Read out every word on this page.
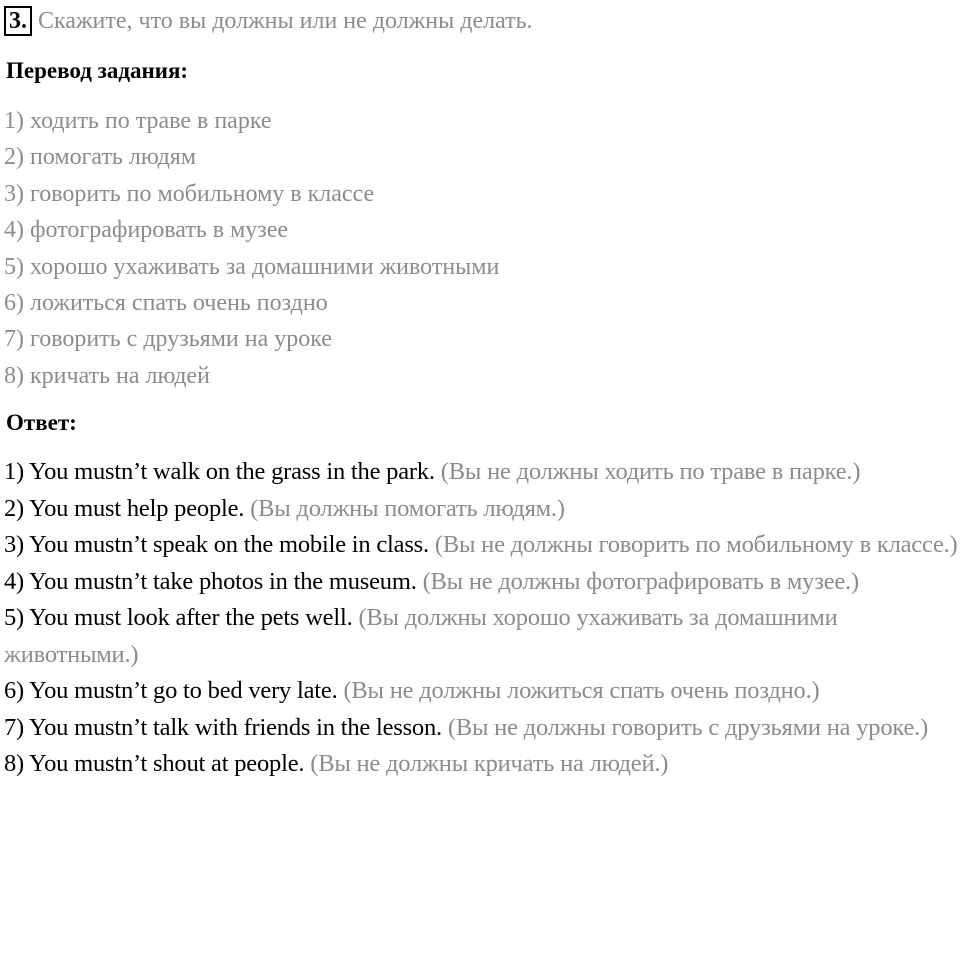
3. Скажите, что вы должны или не должны делать.
Перевод задания:
1) ходить по траве в парке
2) помогать людям
3) говорить по мобильному в классе
4) фотографировать в музее
5) хорошо ухаживать за домашними животными
6) ложиться спать очень поздно
7) говорить с друзьями на уроке
8) кричать на людей
Ответ:
1) You mustn’t walk on the grass in the park. (Вы не должны ходить по траве в парке.)
2) You must help people. (Вы должны помогать людям.)
3) You mustn’t speak on the mobile in class. (Вы не должны говорить по мобильному в классе.)
4) You mustn’t take photos in the museum. (Вы не должны фотографировать в музее.)
5) You must look after the pets well. (Вы должны хорошо ухаживать за домашними животными.)
6) You mustn’t go to bed very late. (Вы не должны ложиться спать очень поздно.)
7) You mustn’t talk with friends in the lesson. (Вы не должны говорить с друзьями на уроке.)
8) You mustn’t shout at people. (Вы не должны кричать на людей.)
